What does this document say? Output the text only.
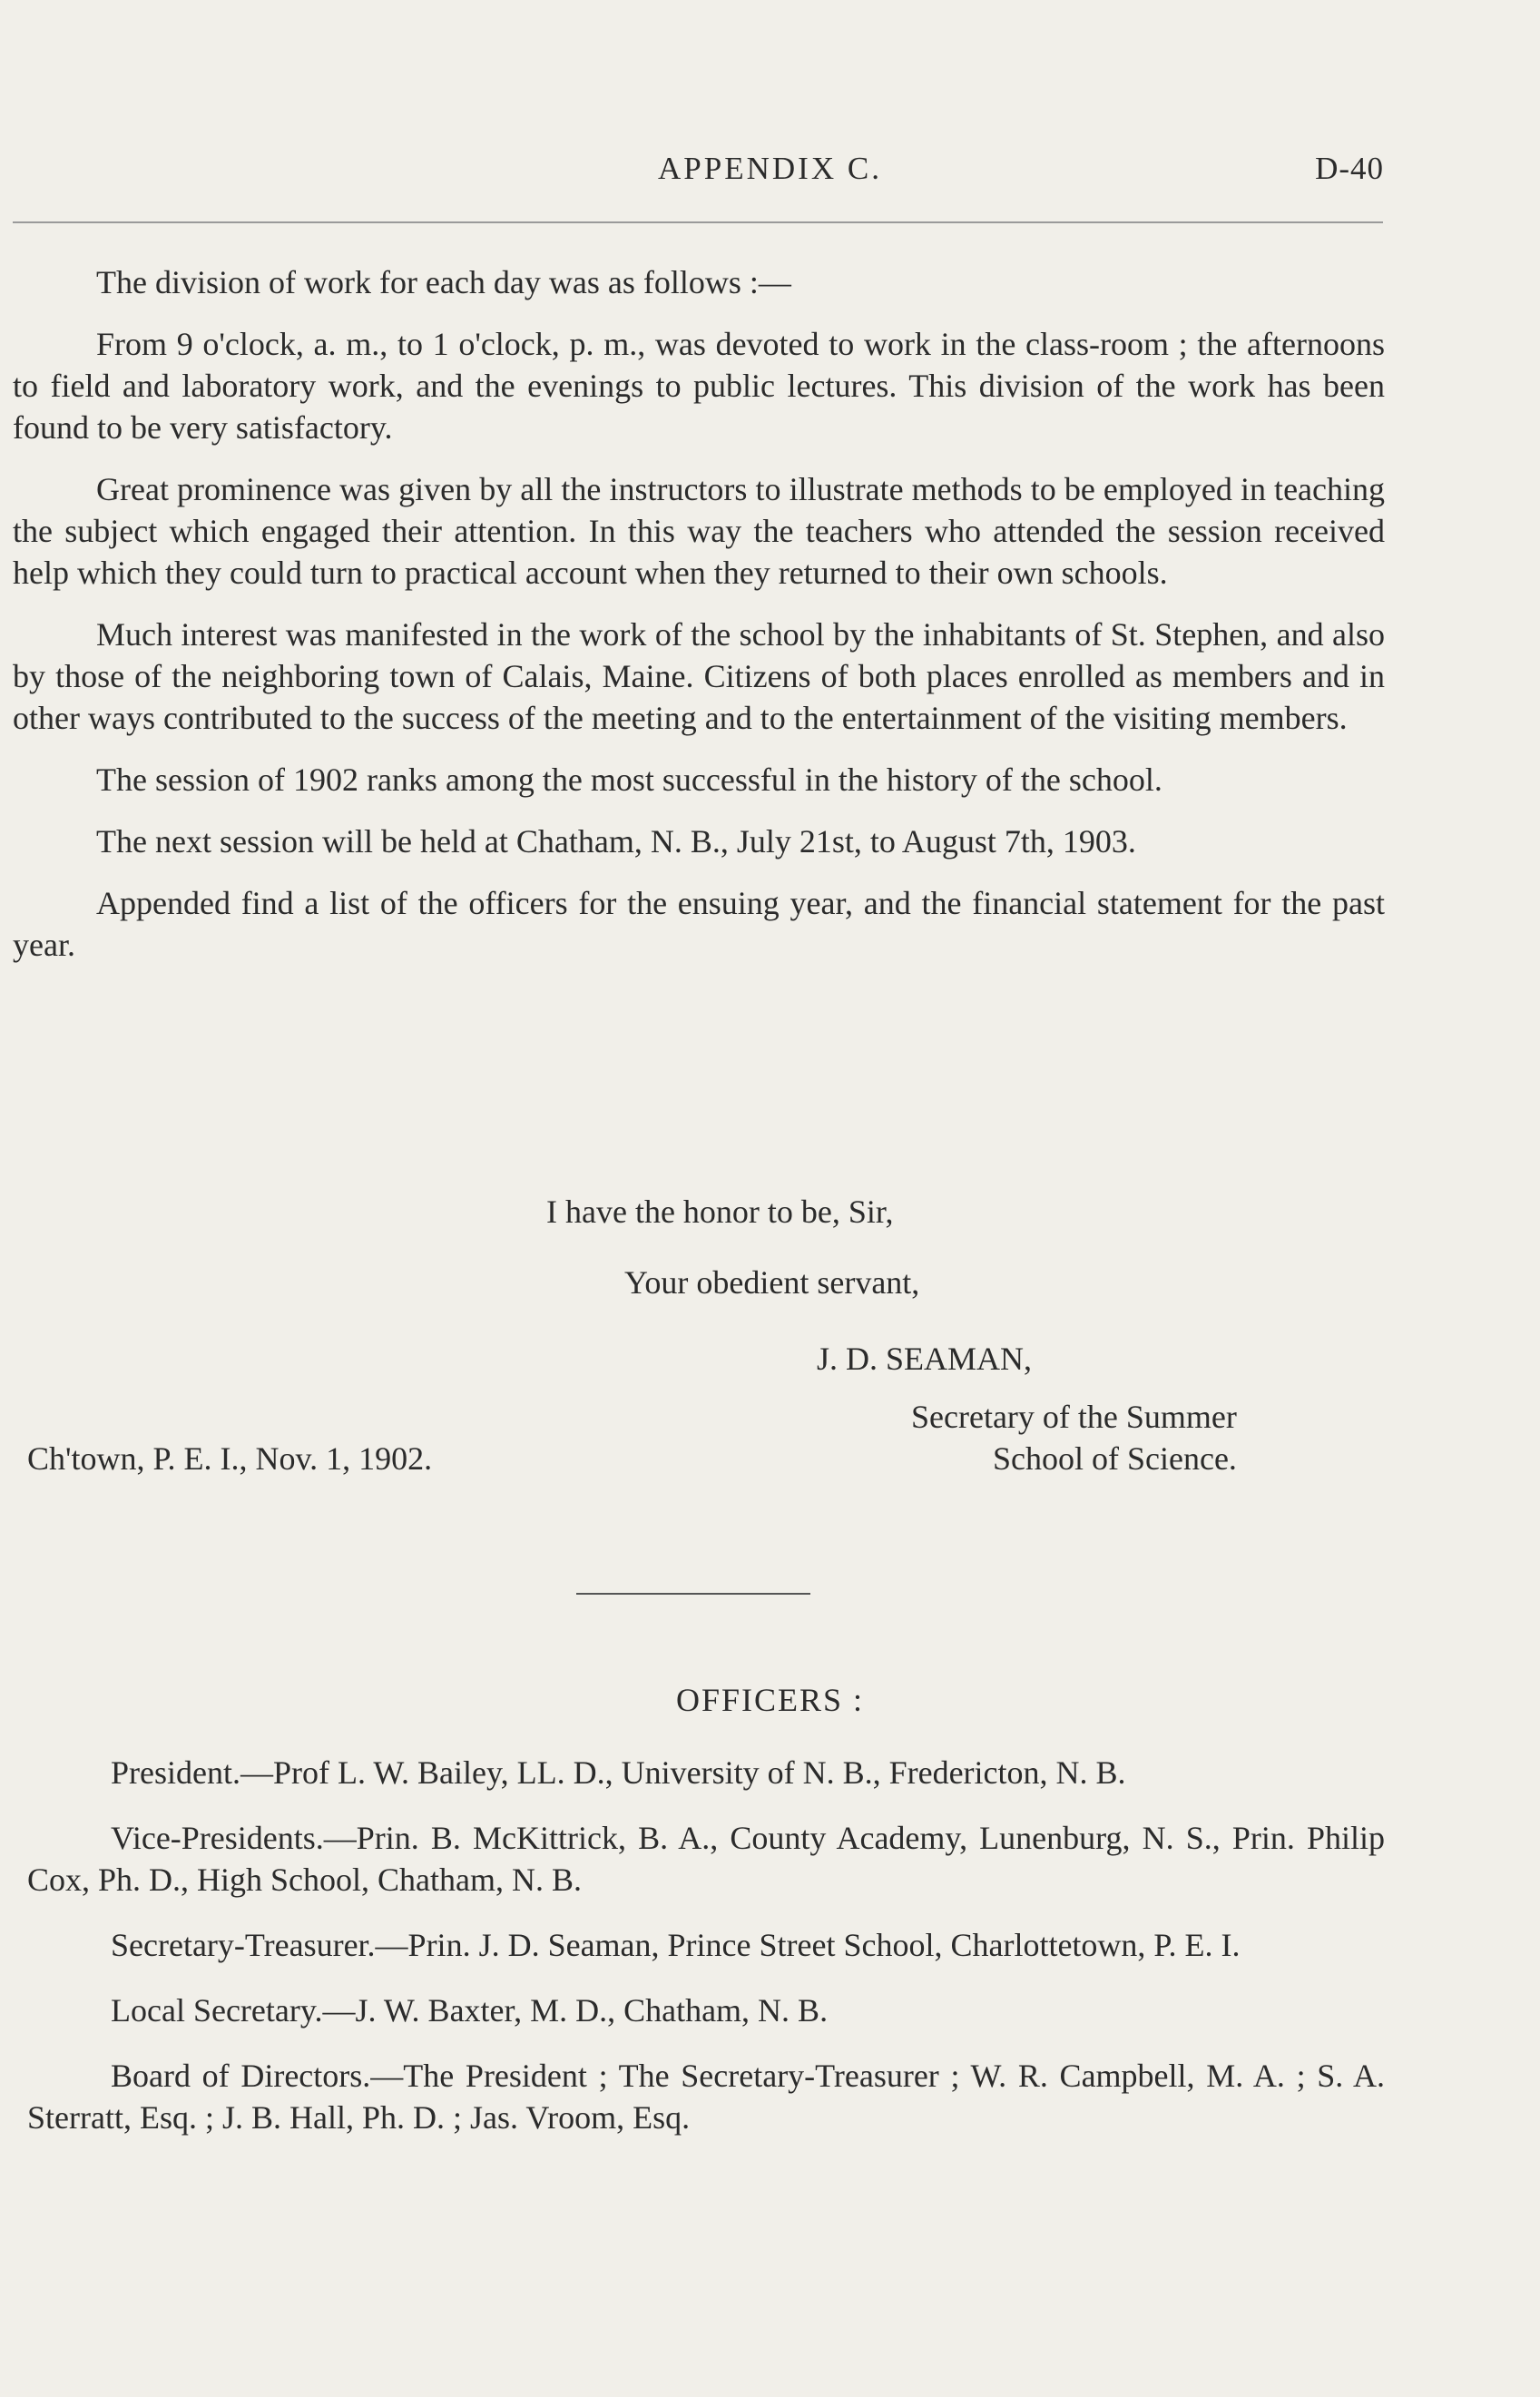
APPENDIX C.	D-40

The division of work for each day was as follows :—

From 9 o'clock, a. m., to 1 o'clock, p. m., was devoted to work in the class-room ; the afternoons to field and laboratory work, and the evenings to public lectures. This division of the work has been found to be very satisfactory.

Great prominence was given by all the instructors to illustrate methods to be employed in teaching the subject which engaged their attention. In this way the teachers who attended the session received help which they could turn to practical account when they returned to their own schools.

Much interest was manifested in the work of the school by the inhabitants of St. Stephen, and also by those of the neighboring town of Calais, Maine. Citizens of both places enrolled as members and in other ways contributed to the success of the meeting and to the entertainment of the visiting members.

The session of 1902 ranks among the most successful in the history of the school.

The next session will be held at Chatham, N. B., July 21st, to August 7th, 1903.

Appended find a list of the officers for the ensuing year, and the financial statement for the past year.

I have the honor to be, Sir,
Your obedient servant,
J. D. SEAMAN,
Secretary of the Summer
School of Science.
Ch'town, P. E. I., Nov. 1, 1902.
OFFICERS :

President.—Prof L. W. Bailey, LL. D., University of N. B., Fredericton, N. B.

Vice-Presidents.—Prin. B. McKittrick, B. A., County Academy, Lunenburg, N. S., Prin. Philip Cox, Ph. D., High School, Chatham, N. B.

Secretary-Treasurer.—Prin. J. D. Seaman, Prince Street School, Charlottetown, P. E. I.

Local Secretary.—J. W. Baxter, M. D., Chatham, N. B.

Board of Directors.—The President ; The Secretary-Treasurer ; W. R. Campbell, M. A. ; S. A. Sterratt, Esq. ; J. B. Hall, Ph. D. ; Jas. Vroom, Esq.
